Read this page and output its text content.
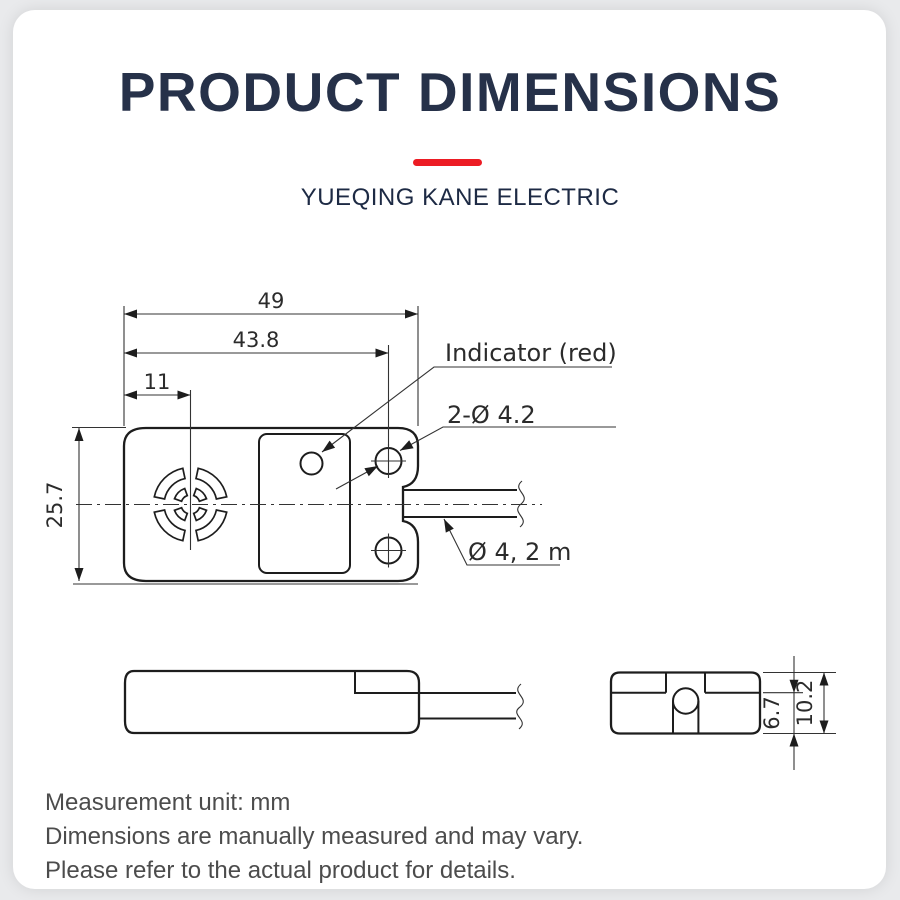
PRODUCT DIMENSIONS
YUEQING KANE ELECTRIC
49
43.8
11
25.7
Indicator (red)
2-Ø 4.2
Ø 4, 2 m
6.7 10.2
Measurement unit: mm
Dimensions are manually measured and may vary.
Please refer to the actual product for details.
